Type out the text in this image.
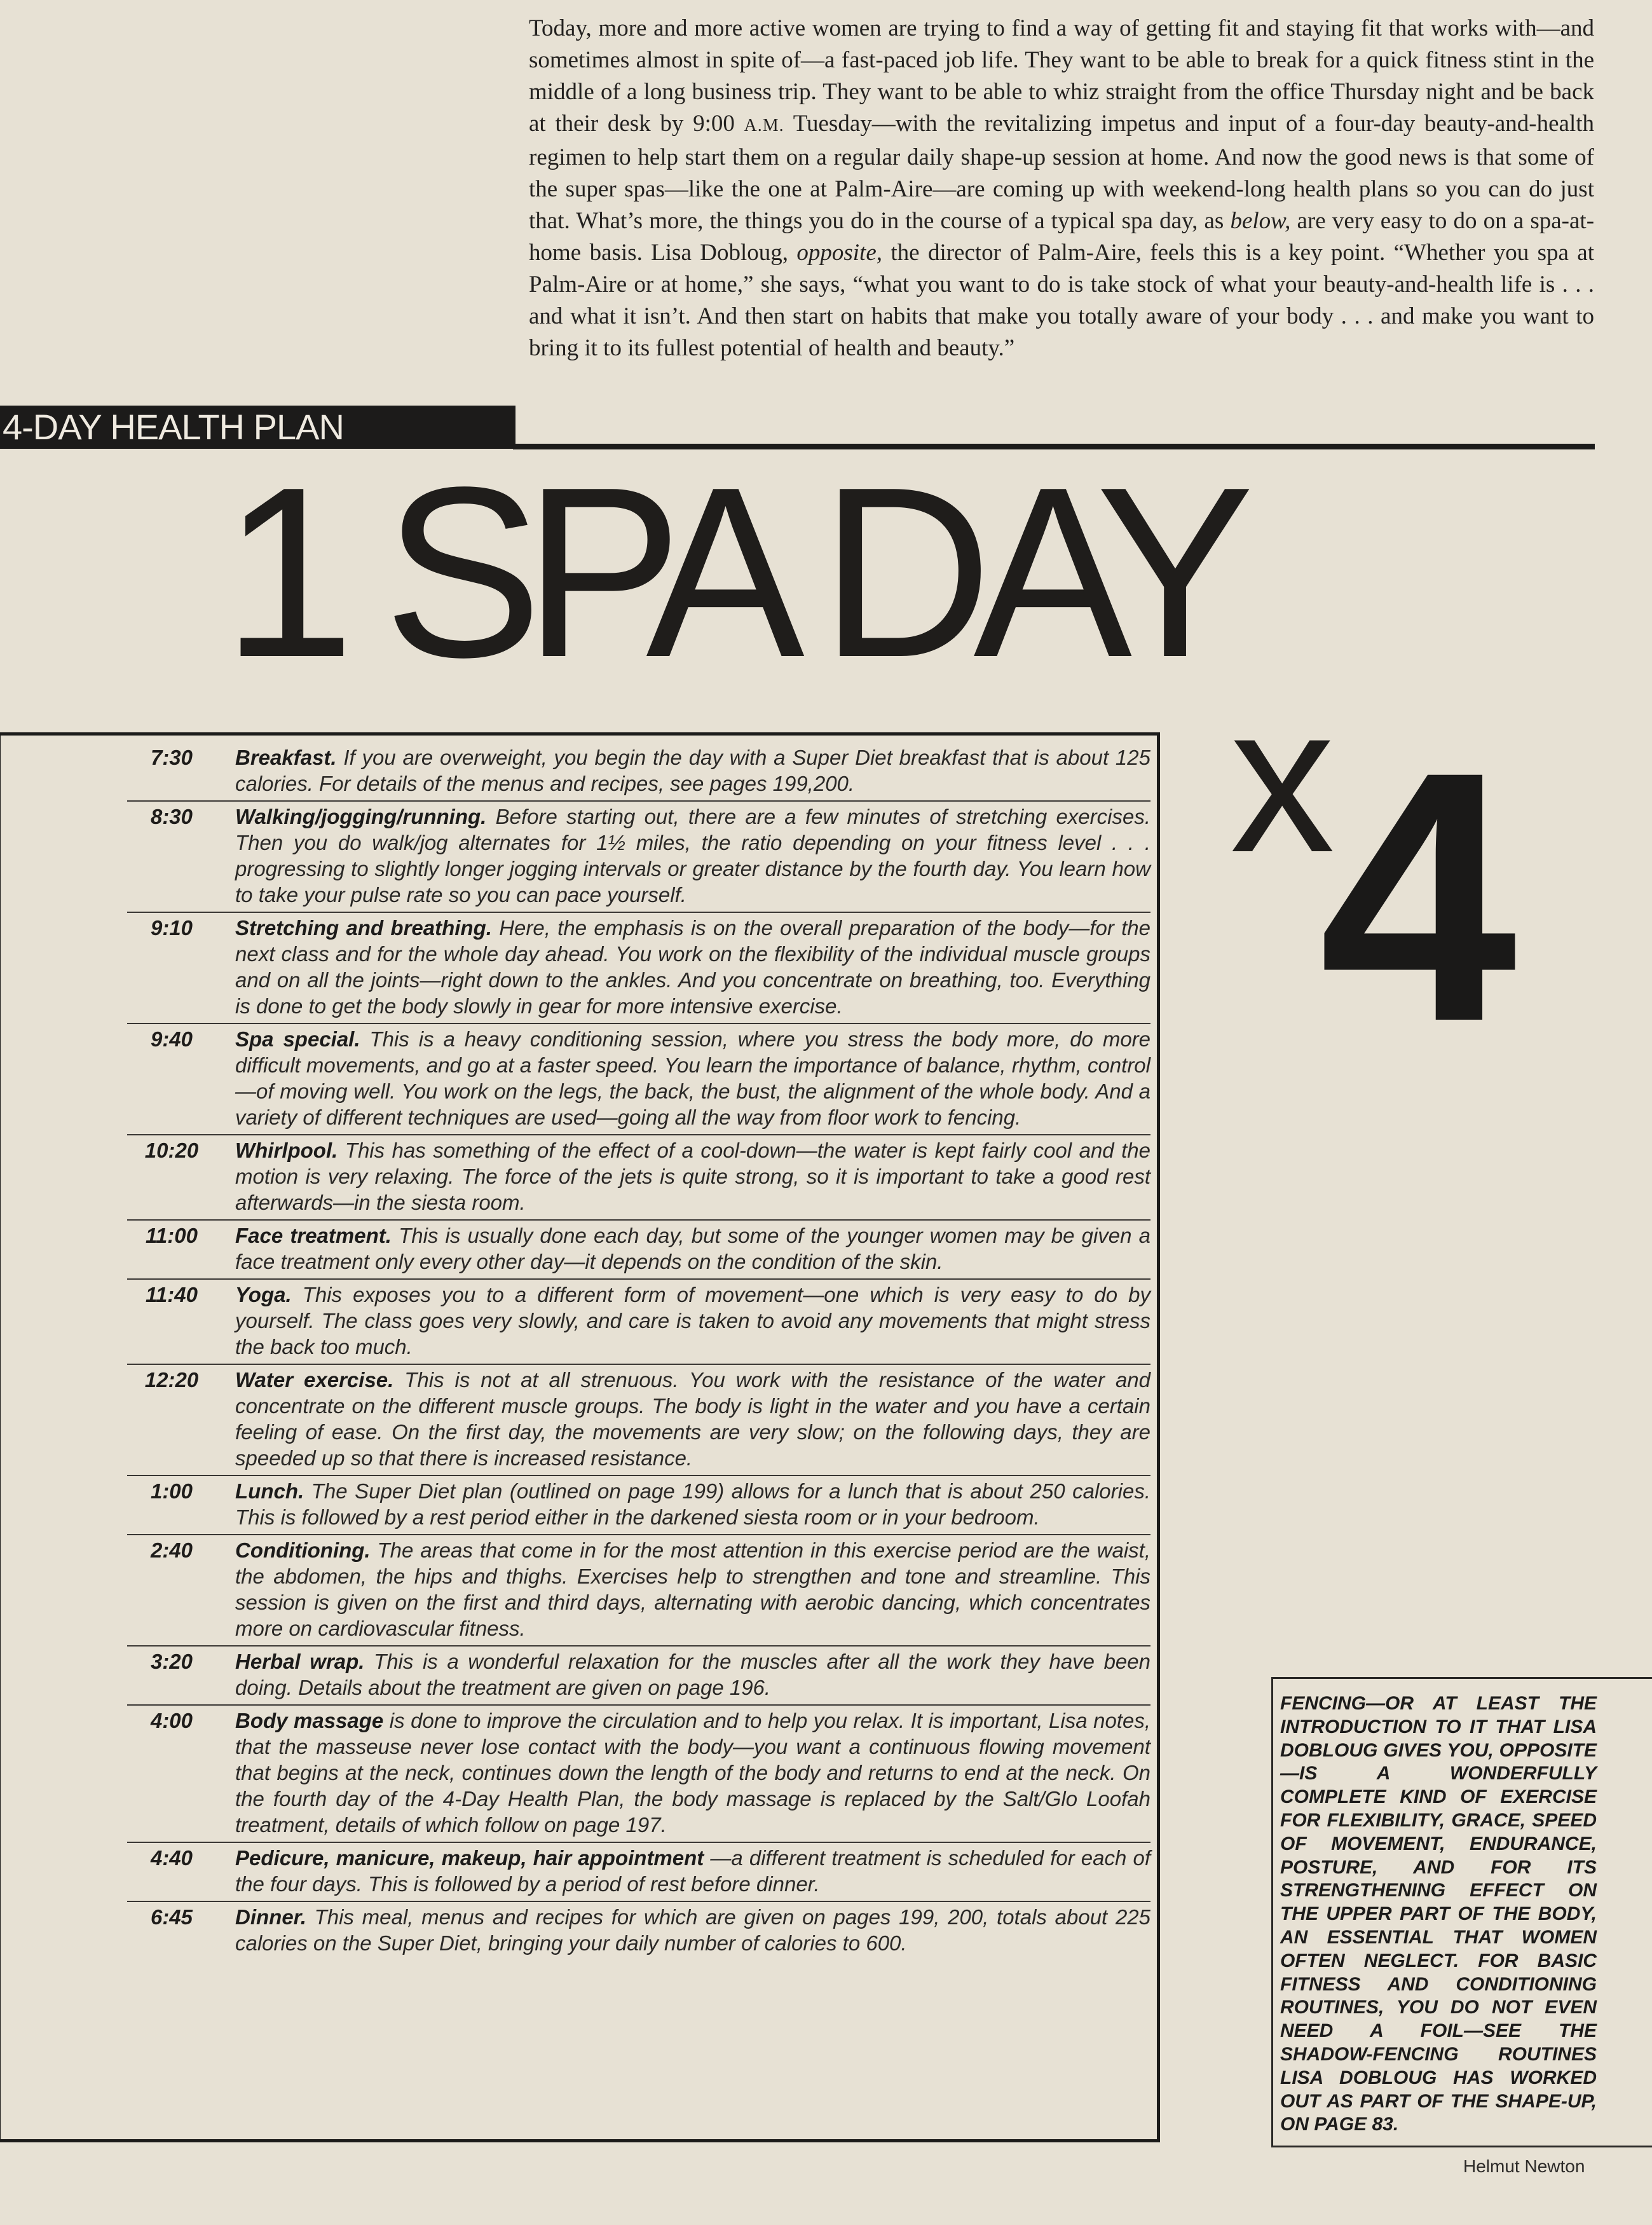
Today, more and more active women are trying to find a way of getting fit and staying fit that works with—and sometimes almost in spite of—a fast-paced job life. They want to be able to break for a quick fitness stint in the middle of a long business trip. They want to be able to whiz straight from the office Thursday night and be back at their desk by 9:00 A.M. Tuesday—with the revitalizing impetus and input of a four-day beauty-and-health regimen to help start them on a regular daily shape-up session at home. And now the good news is that some of the super spas—like the one at Palm-Aire—are coming up with weekend-long health plans so you can do just that. What’s more, the things you do in the course of a typical spa day, as below, are very easy to do on a spa-at-home basis. Lisa Dobloug, opposite, the director of Palm-Aire, feels this is a key point. “Whether you spa at Palm-Aire or at home,” she says, “what you want to do is take stock of what your beauty-and-health life is . . . and what it isn’t. And then start on habits that make you totally aware of your body . . . and make you want to bring it to its fullest potential of health and beauty.”
4-DAY HEALTH PLAN
1 SPA DAY
x
4
7:30	Breakfast. If you are overweight, you begin the day with a Super Diet breakfast that is about 125 calories. For details of the menus and recipes, see pages 199,200.
8:30	Walking/jogging/running. Before starting out, there are a few minutes of stretching exercises. Then you do walk/jog alternates for 1½ miles, the ratio depending on your fitness level . . . progressing to slightly longer jogging intervals or greater distance by the fourth day. You learn how to take your pulse rate so you can pace yourself.
9:10	Stretching and breathing. Here, the emphasis is on the overall preparation of the body—for the next class and for the whole day ahead. You work on the flexibility of the individual muscle groups and on all the joints—right down to the ankles. And you concentrate on breathing, too. Everything is done to get the body slowly in gear for more intensive exercise.
9:40	Spa special. This is a heavy conditioning session, where you stress the body more, do more difficult movements, and go at a faster speed. You learn the importance of balance, rhythm, control—of moving well. You work on the legs, the back, the bust, the alignment of the whole body. And a variety of different techniques are used—going all the way from floor work to fencing.
10:20	Whirlpool. This has something of the effect of a cool-down—the water is kept fairly cool and the motion is very relaxing. The force of the jets is quite strong, so it is important to take a good rest afterwards—in the siesta room.
11:00	Face treatment. This is usually done each day, but some of the younger women may be given a face treatment only every other day—it depends on the condition of the skin.
11:40	Yoga. This exposes you to a different form of movement—one which is very easy to do by yourself. The class goes very slowly, and care is taken to avoid any movements that might stress the back too much.
12:20	Water exercise. This is not at all strenuous. You work with the resistance of the water and concentrate on the different muscle groups. The body is light in the water and you have a certain feeling of ease. On the first day, the movements are very slow; on the following days, they are speeded up so that there is increased resistance.
1:00	Lunch. The Super Diet plan (outlined on page 199) allows for a lunch that is about 250 calories. This is followed by a rest period either in the darkened siesta room or in your bedroom.
2:40	Conditioning. The areas that come in for the most attention in this exercise period are the waist, the abdomen, the hips and thighs. Exercises help to strengthen and tone and streamline. This session is given on the first and third days, alternating with aerobic dancing, which concentrates more on cardiovascular fitness.
3:20	Herbal wrap. This is a wonderful relaxation for the muscles after all the work they have been doing. Details about the treatment are given on page 196.
4:00	Body massage is done to improve the circulation and to help you relax. It is important, Lisa notes, that the masseuse never lose contact with the body—you want a continuous flowing movement that begins at the neck, continues down the length of the body and returns to end at the neck. On the fourth day of the 4-Day Health Plan, the body massage is replaced by the Salt/Glo Loofah treatment, details of which follow on page 197.
4:40	Pedicure, manicure, makeup, hair appointment —a different treatment is scheduled for each of the four days. This is followed by a period of rest before dinner.
6:45	Dinner. This meal, menus and recipes for which are given on pages 199, 200, totals about 225 calories on the Super Diet, bringing your daily number of calories to 600.
FENCING—OR AT LEAST THE INTRODUCTION TO IT THAT LISA DOBLOUG GIVES YOU, OPPOSITE—IS A WONDERFULLY COMPLETE KIND OF EXERCISE FOR FLEXIBILITY, GRACE, SPEED OF MOVEMENT, ENDURANCE, POSTURE, AND FOR ITS STRENGTHENING EFFECT ON THE UPPER PART OF THE BODY, AN ESSENTIAL THAT WOMEN OFTEN NEGLECT. FOR BASIC FITNESS AND CONDITIONING ROUTINES, YOU DO NOT EVEN NEED A FOIL—SEE THE SHADOW-FENCING ROUTINES LISA DOBLOUG HAS WORKED OUT AS PART OF THE SHAPE-UP, ON PAGE 83.
Helmut Newton
